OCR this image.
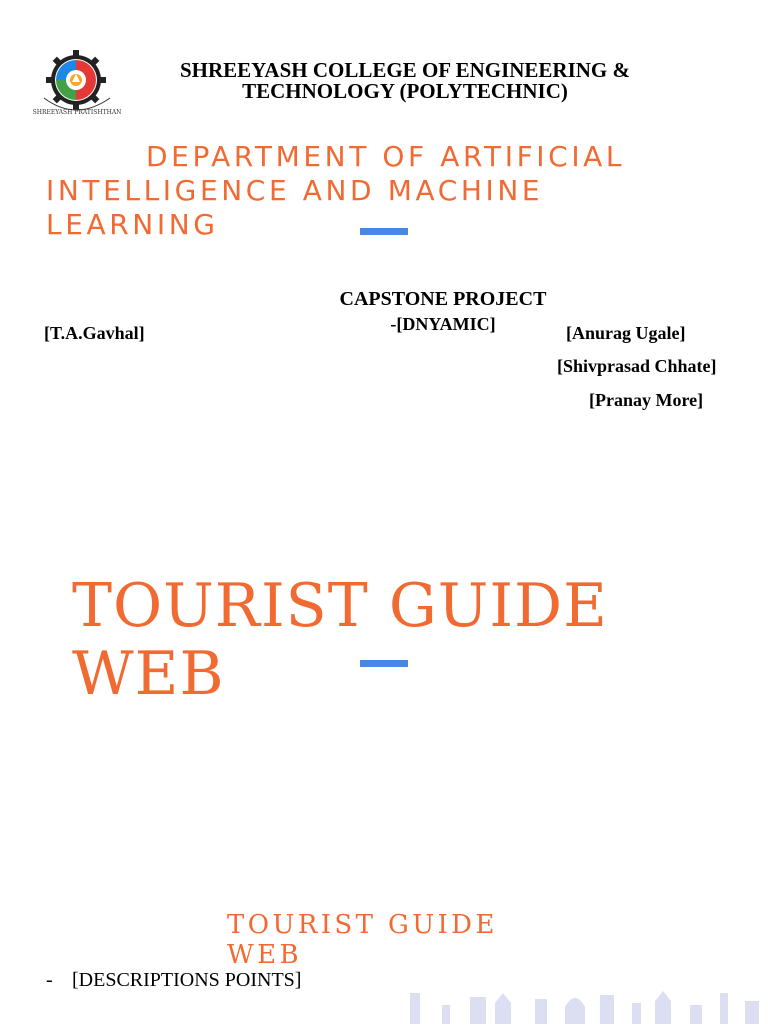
SHREEYASH PRATISHTHAN
SHREEYASH COLLEGE OF ENGINEERING & TECHNOLOGY (POLYTECHNIC)
DEPARTMENT OF ARTIFICIAL INTELLIGENCE AND MACHINE LEARNING
CAPSTONE PROJECT
-[DNYAMIC]
[T.A.Gavhal]	[Anurag Ugale]
[Shivprasad Chhate]
[Pranay More]
TOURIST GUIDE WEB
TOURIST GUIDE WEB
- [DESCRIPTIONS POINTS]
